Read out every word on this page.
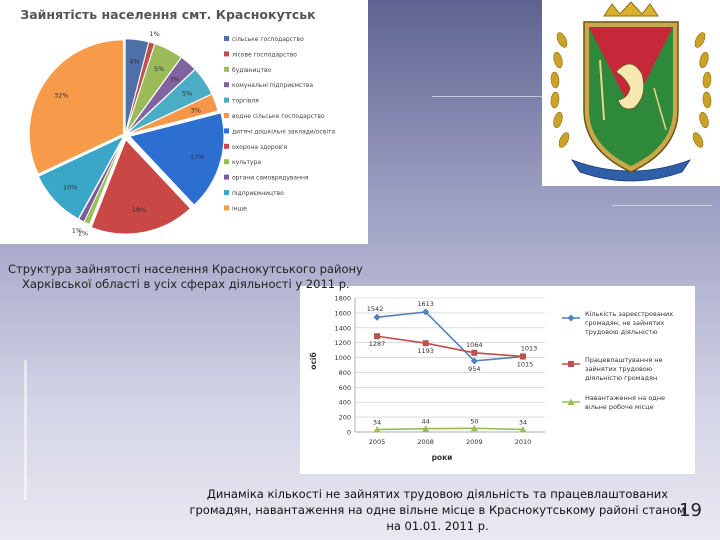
Зайнятість населення смт. Краснокутськ
4%
1%
5%
3%
5%
3%
17%
18%
1%
1%
10%
32%
сільське господарство
лісове господарство
будівництво
комунальні підприємства
торгівля
водне сільське господарство
дитячі дошкільні заклади/освіта
охорона здоров'я
культура
органи самоврядування
підприємництво
інше
0
200
400
600
800
1000
1200
1400
1600
1800
2005	2008	2009	2010
1542
1613
954
1013
1287
1193
1064
1015
34	44	50	34
Кількість зареєстрованих громадян, не зайнятих трудовою діяльністю
Працевлаштування не зайнятих трудовою діяльністю громадян
Навантаження на одне вільне робоче місце
осіб
роки
Структура зайнятості населення Краснокутського району
Харківської області в усіх сферах діяльності у 2011 р.
Динаміка кількості не зайнятих трудовою діяльність та працевлаштованих
громадян, навантаження на одне вільне місце в Краснокутському районі станом
на 01.01. 2011 р.
19
